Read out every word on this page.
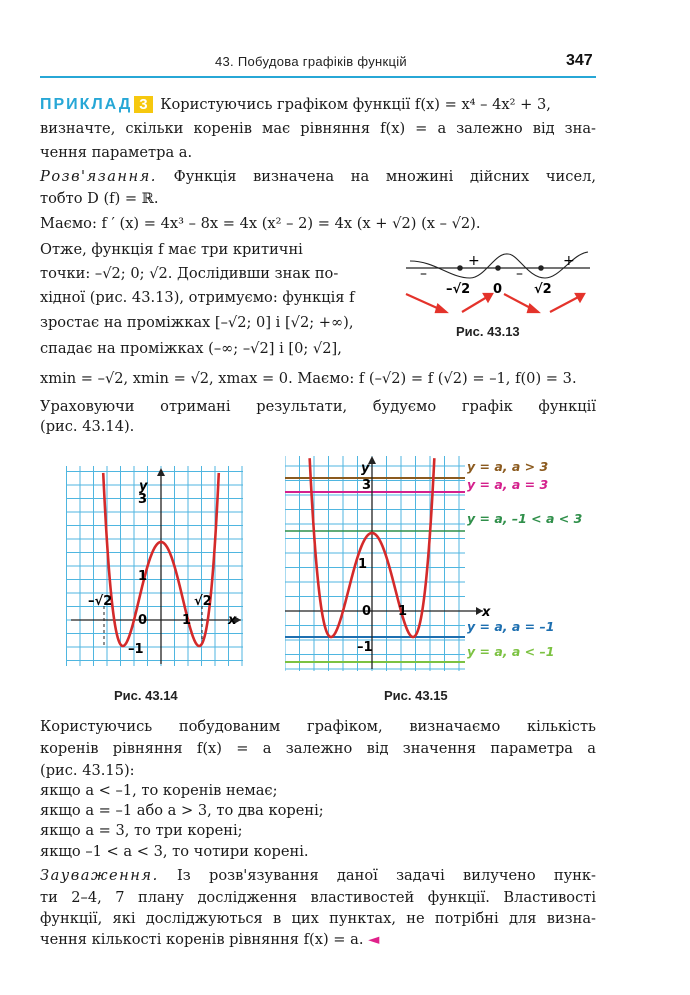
43. Побудова графіків функцій	347
ПРИКЛАД 3 Користуючись графіком функції f(x) = x⁴ – 4x² + 3,
визначте, скільки коренів має рівняння f(x) = a залежно від зна-
чення параметра a.
Розв'язання. Функція визначена на множині дійсних чисел,
тобто D (f) = ℝ.
Маємо: f ′ (x) = 4x³ – 8x = 4x (x² – 2) = 4x (x + √2) (x – √2).
Отже, функція f має три критичні
точки: –√2; 0; √2. Дослідивши знак по-
хідної (рис. 43.13), отримуємо: функція f
зростає на проміжках [–√2; 0] і [√2; +∞),
спадає на проміжках (–∞; –√2] і [0; √2],
xmin = –√2, xmin = √2, xmax = 0. Маємо: f (–√2) = f (√2) = –1, f(0) = 3.
Ураховуючи отримані результати, будуємо графік функції
(рис. 43.14).
–
+
–
+
–√2 0 √2
Рис. 43.13
y
3
1
0	1	x
–1
–√2	√2
Рис. 43.14
y
3
1
0 1	x
–1
y = a, a > 3
y = a, a = 3
y = a, –1 < a < 3
y = a, a = –1
y = a, a < –1
Рис. 43.15
Користуючись побудованим графіком, визначаємо кількість
коренів рівняння f(x) = a залежно від значення параметра a
(рис. 43.15):
якщо a < –1, то коренів немає;
якщо a = –1 або a > 3, то два корені;
якщо a = 3, то три корені;
якщо –1 < a < 3, то чотири корені.
Зауваження. Із розв'язування даної задачі вилучено пунк-
ти 2–4, 7 плану дослідження властивостей функції. Властивості
функції, які досліджуються в цих пунктах, не потрібні для визна-
чення кількості коренів рівняння f(x) = a. ◄
